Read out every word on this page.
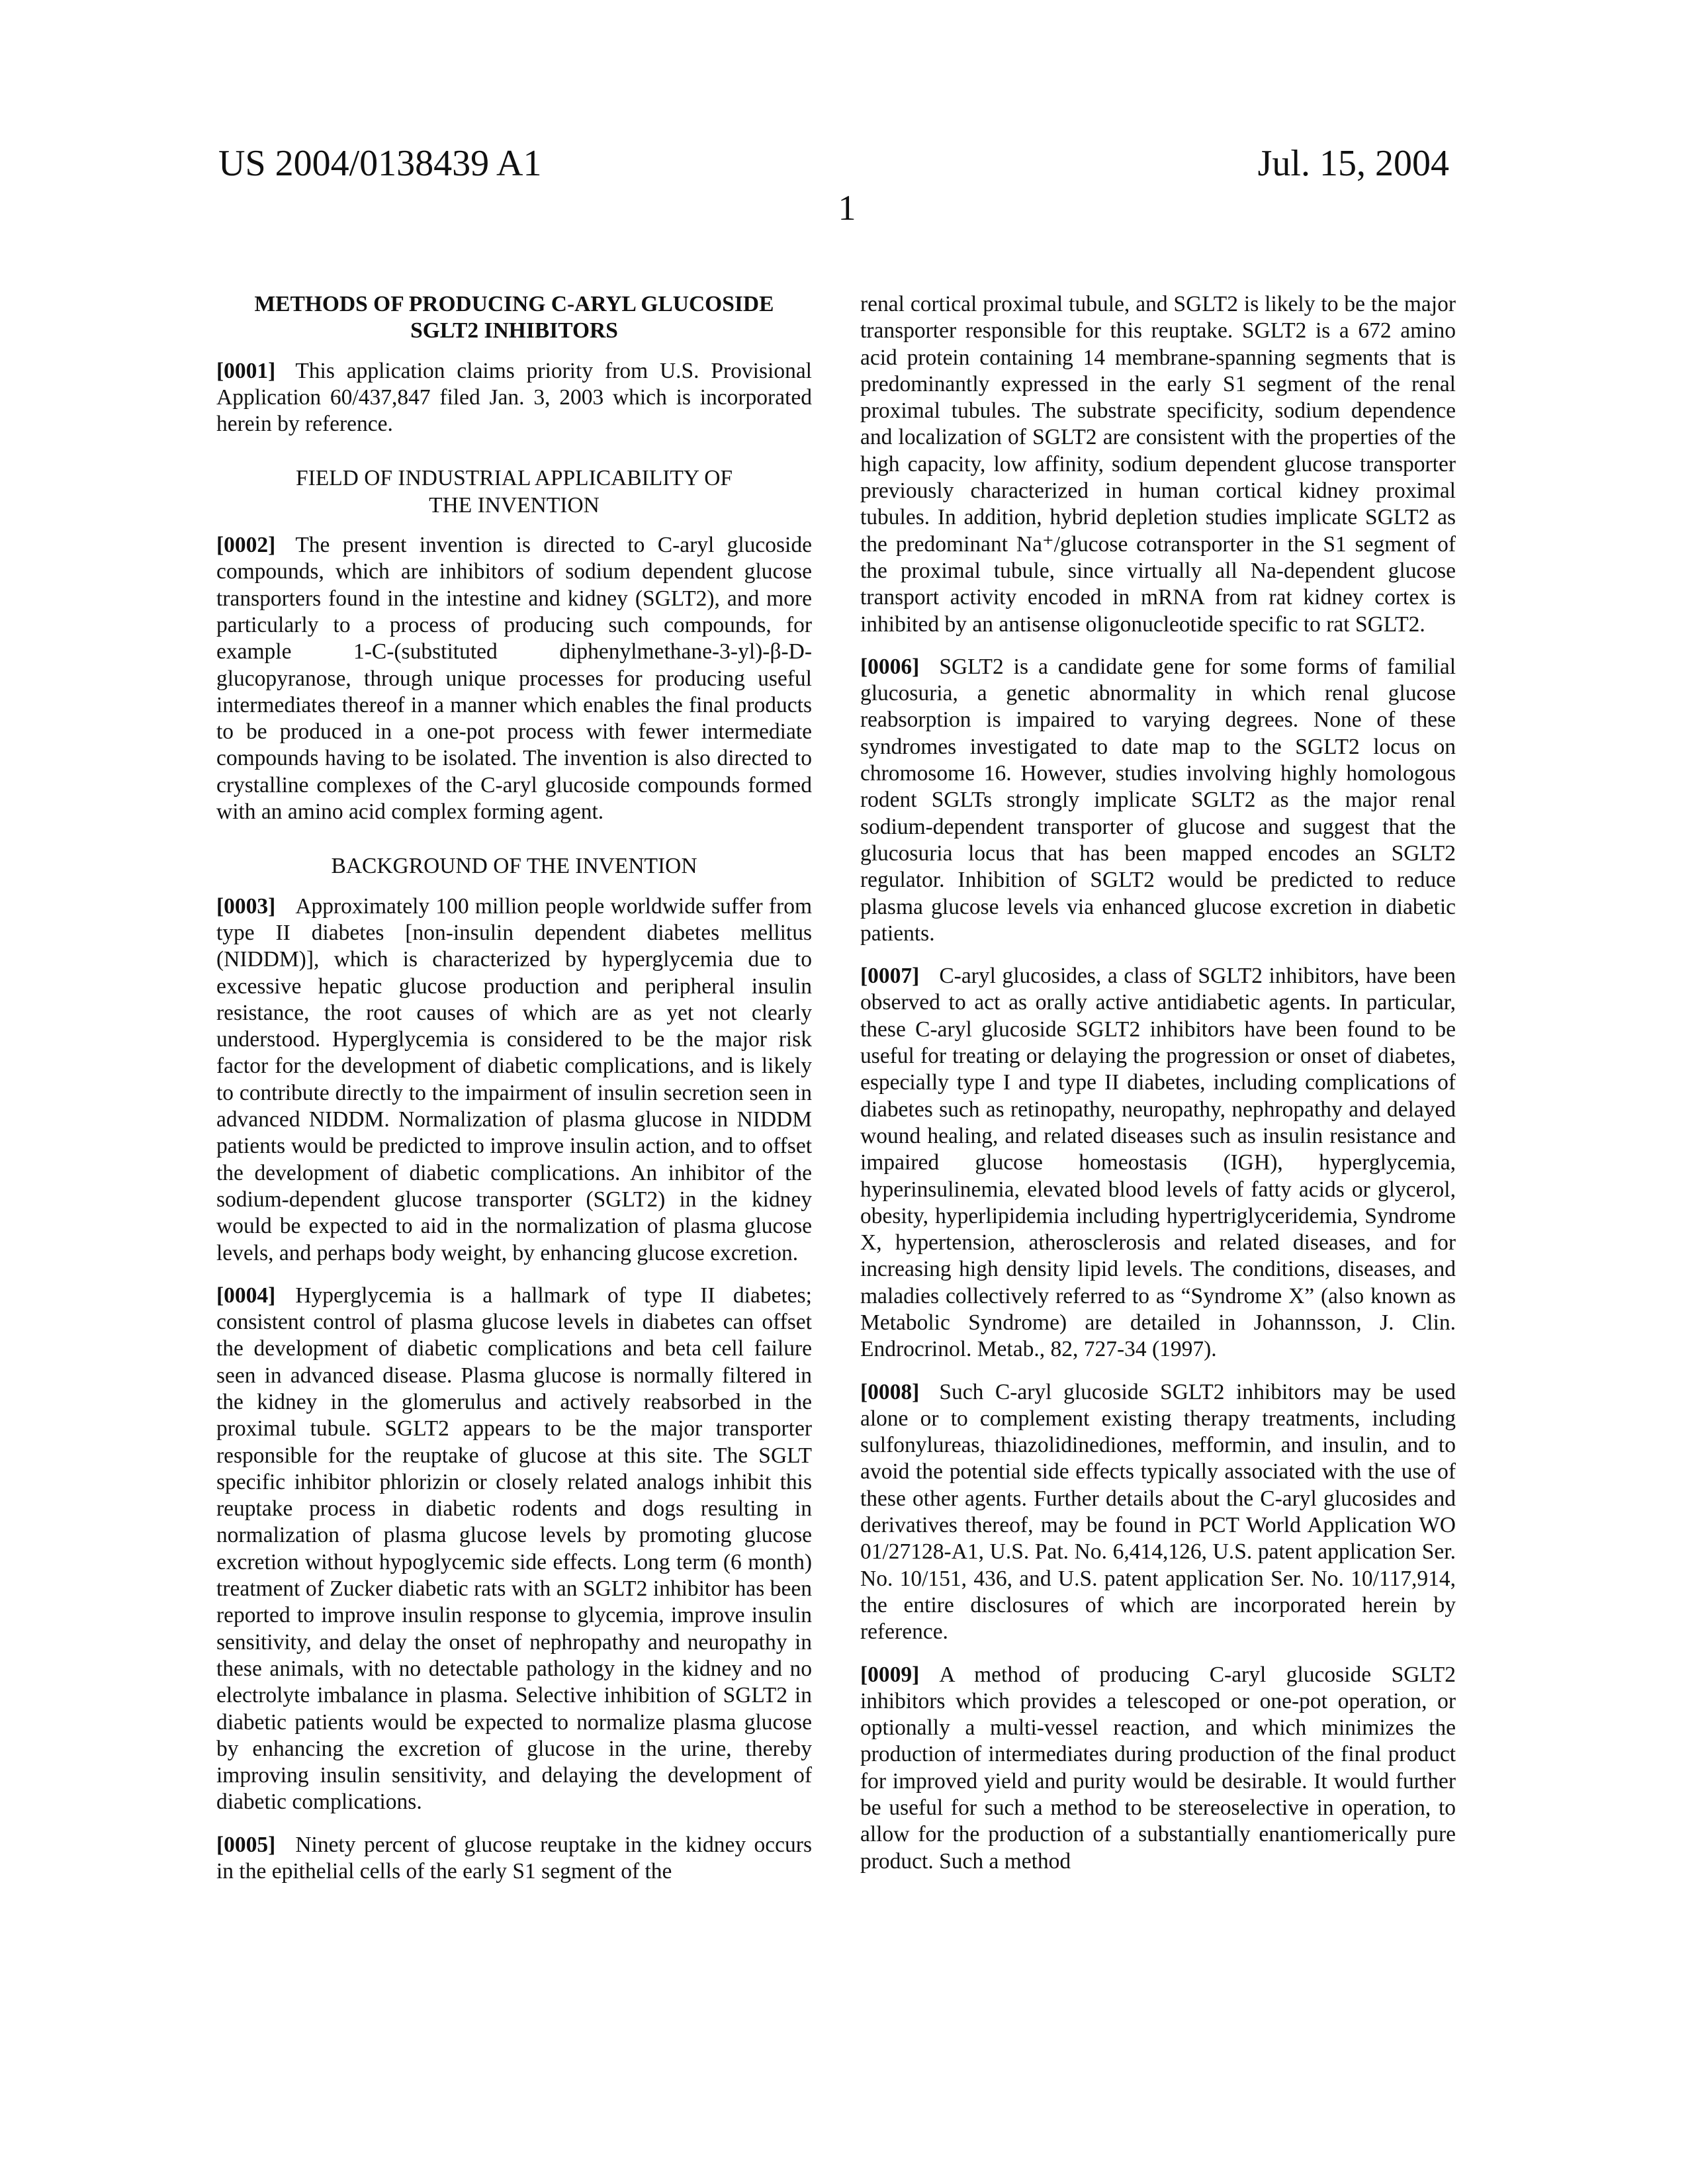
US 2004/0138439 A1	Jul. 15, 2004
1
METHODS OF PRODUCING C-ARYL GLUCOSIDE
SGLT2 INHIBITORS

[ 0001 ] This application claims priority from U.S. Provisional Application 60/437,847 filed Jan. 3, 2003 which is incorporated herein by reference.

FIELD OF INDUSTRIAL APPLICABILITY OF
THE INVENTION

[ 0002 ] The present invention is directed to C-aryl glucoside compounds, which are inhibitors of sodium dependent glucose transporters found in the intestine and kidney (SGLT2), and more particularly to a process of producing such compounds, for example 1-C-(substituted diphenylmethane-3-yl)-β-D-glucopyranose, through unique processes for producing useful intermediates thereof in a manner which enables the final products to be produced in a one-pot process with fewer intermediate compounds having to be isolated. The invention is also directed to crystalline complexes of the C-aryl glucoside compounds formed with an amino acid complex forming agent.

BACKGROUND OF THE INVENTION

[ 0003 ] Approximately 100 million people worldwide suffer from type II diabetes [non-insulin dependent diabetes mellitus (NIDDM)], which is characterized by hyperglycemia due to excessive hepatic glucose production and peripheral insulin resistance, the root causes of which are as yet not clearly understood. Hyperglycemia is considered to be the major risk factor for the development of diabetic complications, and is likely to contribute directly to the impairment of insulin secretion seen in advanced NIDDM. Normalization of plasma glucose in NIDDM patients would be predicted to improve insulin action, and to offset the development of diabetic complications. An inhibitor of the sodium-dependent glucose transporter (SGLT2) in the kidney would be expected to aid in the normalization of plasma glucose levels, and perhaps body weight, by enhancing glucose excretion.

[ 0004 ] Hyperglycemia is a hallmark of type II diabetes; consistent control of plasma glucose levels in diabetes can offset the development of diabetic complications and beta cell failure seen in advanced disease. Plasma glucose is normally filtered in the kidney in the glomerulus and actively reabsorbed in the proximal tubule. SGLT2 appears to be the major transporter responsible for the reuptake of glucose at this site. The SGLT specific inhibitor phlorizin or closely related analogs inhibit this reuptake process in diabetic rodents and dogs resulting in normalization of plasma glucose levels by promoting glucose excretion without hypoglycemic side effects. Long term (6 month) treatment of Zucker diabetic rats with an SGLT2 inhibitor has been reported to improve insulin response to glycemia, improve insulin sensitivity, and delay the onset of nephropathy and neuropathy in these animals, with no detectable pathology in the kidney and no electrolyte imbalance in plasma. Selective inhibition of SGLT2 in diabetic patients would be expected to normalize plasma glucose by enhancing the excretion of glucose in the urine, thereby improving insulin sensitivity, and delaying the development of diabetic complications.

[ 0005 ] Ninety percent of glucose reuptake in the kidney occurs in the epithelial cells of the early S1 segment of the

renal cortical proximal tubule, and SGLT2 is likely to be the major transporter responsible for this reuptake. SGLT2 is a 672 amino acid protein containing 14 membrane-spanning segments that is predominantly expressed in the early S1 segment of the renal proximal tubules. The substrate specificity, sodium dependence and localization of SGLT2 are consistent with the properties of the high capacity, low affinity, sodium dependent glucose transporter previously characterized in human cortical kidney proximal tubules. In addition, hybrid depletion studies implicate SGLT2 as the predominant Na⁺/glucose cotransporter in the S1 segment of the proximal tubule, since virtually all Na-dependent glucose transport activity encoded in mRNA from rat kidney cortex is inhibited by an antisense oligonucleotide specific to rat SGLT2.

[ 0006 ] SGLT2 is a candidate gene for some forms of familial glucosuria, a genetic abnormality in which renal glucose reabsorption is impaired to varying degrees. None of these syndromes investigated to date map to the SGLT2 locus on chromosome 16. However, studies involving highly homologous rodent SGLTs strongly implicate SGLT2 as the major renal sodium-dependent transporter of glucose and suggest that the glucosuria locus that has been mapped encodes an SGLT2 regulator. Inhibition of SGLT2 would be predicted to reduce plasma glucose levels via enhanced glucose excretion in diabetic patients.

[ 0007 ] C-aryl glucosides, a class of SGLT2 inhibitors, have been observed to act as orally active antidiabetic agents. In particular, these C-aryl glucoside SGLT2 inhibitors have been found to be useful for treating or delaying the progression or onset of diabetes, especially type I and type II diabetes, including complications of diabetes such as retinopathy, neuropathy, nephropathy and delayed wound healing, and related diseases such as insulin resistance and impaired glucose homeostasis (IGH), hyperglycemia, hyperinsulinemia, elevated blood levels of fatty acids or glycerol, obesity, hyperlipidemia including hypertriglyceridemia, Syndrome X, hypertension, atherosclerosis and related diseases, and for increasing high density lipid levels. The conditions, diseases, and maladies collectively referred to as “Syndrome X” (also known as Metabolic Syndrome) are detailed in Johannsson, J. Clin. Endrocrinol. Metab., 82, 727-34 (1997).

[ 0008 ] Such C-aryl glucoside SGLT2 inhibitors may be used alone or to complement existing therapy treatments, including sulfonylureas, thiazolidinediones, mefformin, and insulin, and to avoid the potential side effects typically associated with the use of these other agents. Further details about the C-aryl glucosides and derivatives thereof, may be found in PCT World Application WO 01/27128-A1, U.S. Pat. No. 6,414,126, U.S. patent application Ser. No. 10/151, 436, and U.S. patent application Ser. No. 10/117,914, the entire disclosures of which are incorporated herein by reference.

[ 0009 ] A method of producing C-aryl glucoside SGLT2 inhibitors which provides a telescoped or one-pot operation, or optionally a multi-vessel reaction, and which minimizes the production of intermediates during production of the final product for improved yield and purity would be desirable. It would further be useful for such a method to be stereoselective in operation, to allow for the production of a substantially enantiomerically pure product. Such a method
